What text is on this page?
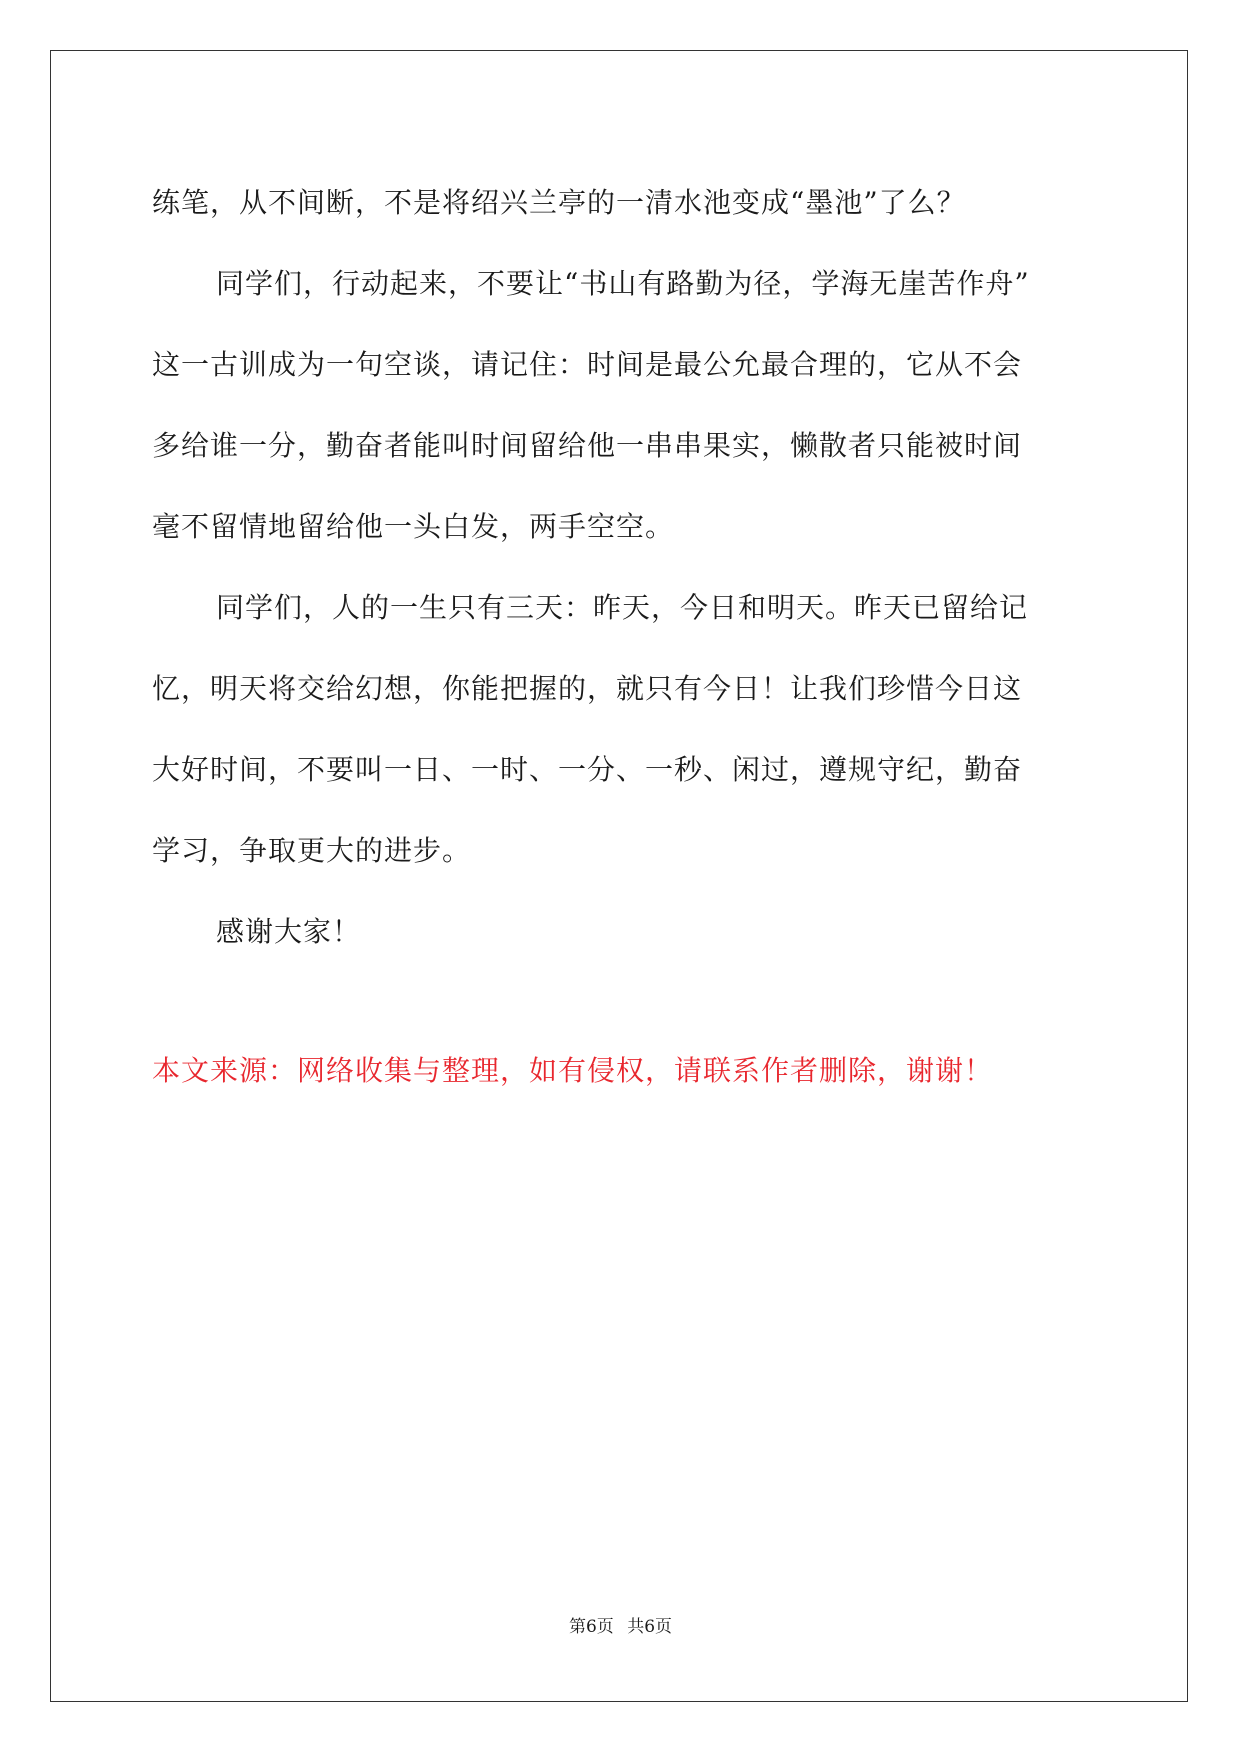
练笔，从不间断，不是将绍兴兰亭的一清水池变成“墨池”了么？
同学们，行动起来，不要让“书山有路勤为径，学海无崖苦作舟”
这一古训成为一句空谈，请记住：时间是最公允最合理的，它从不会
多给谁一分，勤奋者能叫时间留给他一串串果实，懒散者只能被时间
毫不留情地留给他一头白发，两手空空。
同学们，人的一生只有三天：昨天，今日和明天。昨天已留给记
忆，明天将交给幻想，你能把握的，就只有今日！让我们珍惜今日这
大好时间，不要叫一日、一时、一分、一秒、闲过，遵规守纪，勤奋
学习，争取更大的进步。
感谢大家！
本文来源：网络收集与整理，如有侵权，请联系作者删除，谢谢！
第6页 共6页
